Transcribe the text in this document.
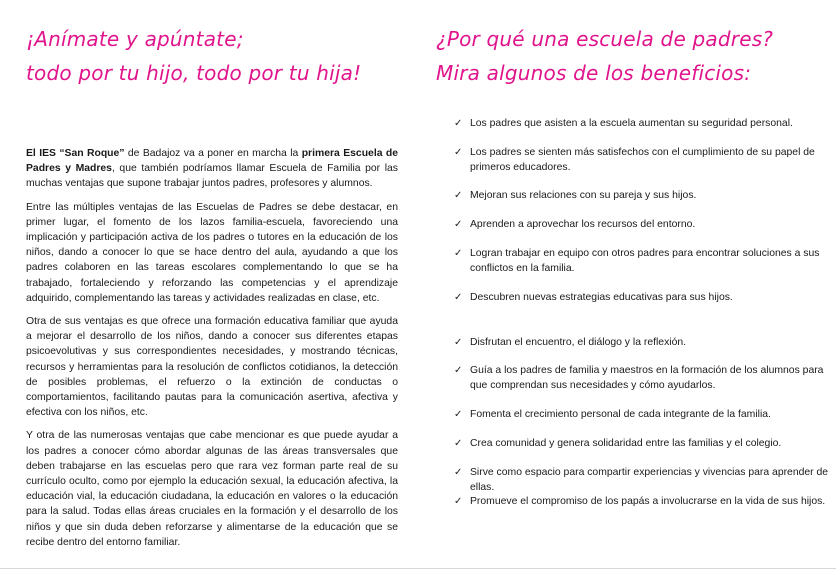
¡Anímate y apúntate;

todo por tu hijo, todo por tu hija!

El IES “San Roque” de Badajoz va a poner en marcha la primera Escuela de Padres y Madres, que también podríamos llamar Escuela de Familia por las muchas ventajas que supone trabajar juntos padres, profesores y alumnos.

Entre las múltiples ventajas de las Escuelas de Padres se debe destacar, en primer lugar, el fomento de los lazos familia-escuela, favoreciendo una implicación y participación activa de los padres o tutores en la educación de los niños, dando a conocer lo que se hace dentro del aula, ayudando a que los padres colaboren en las tareas escolares complementando lo que se ha trabajado, fortaleciendo y reforzando las competencias y el aprendizaje adquirido, complementando las tareas y actividades realizadas en clase, etc.

Otra de sus ventajas es que ofrece una formación educativa familiar que ayuda a mejorar el desarrollo de los niños, dando a conocer sus diferentes etapas psicoevolutivas y sus correspondientes necesidades, y mostrando técnicas, recursos y herramientas para la resolución de conflictos cotidianos, la detección de posibles problemas, el refuerzo o la extinción de conductas o comportamientos, facilitando pautas para la comunicación asertiva, afectiva y efectiva con los niños, etc.

Y otra de las numerosas ventajas que cabe mencionar es que puede ayudar a los padres a conocer cómo abordar algunas de las áreas transversales que deben trabajarse en las escuelas pero que rara vez forman parte real de su currículo oculto, como por ejemplo la educación sexual, la educación afectiva, la educación vial, la educación ciudadana, la educación en valores o la educación para la salud. Todas ellas áreas cruciales en la formación y el desarrollo de los niños y que sin duda deben reforzarse y alimentarse de la educación que se recibe dentro del entorno familiar.

¿Por qué una escuela de padres?

Mira algunos de los beneficios:

✓ Los padres que asisten a la escuela aumentan su seguridad personal.
✓ Los padres se sienten más satisfechos con el cumplimiento de su papel de primeros educadores.
✓ Mejoran sus relaciones con su pareja y sus hijos.
✓ Aprenden a aprovechar los recursos del entorno.
✓ Logran trabajar en equipo con otros padres para encontrar soluciones a sus conflictos en la familia.
✓ Descubren nuevas estrategias educativas para sus hijos.
✓ Disfrutan el encuentro, el diálogo y la reflexión.
✓ Guía a los padres de familia y maestros en la formación de los alumnos para que comprendan sus necesidades y cómo ayudarlos.
✓ Fomenta el crecimiento personal de cada integrante de la familia.
✓ Crea comunidad y genera solidaridad entre las familias y el colegio.
✓ Sirve como espacio para compartir experiencias y vivencias para aprender de ellas.
✓ Promueve el compromiso de los papás a involucrarse en la vida de sus hijos.
